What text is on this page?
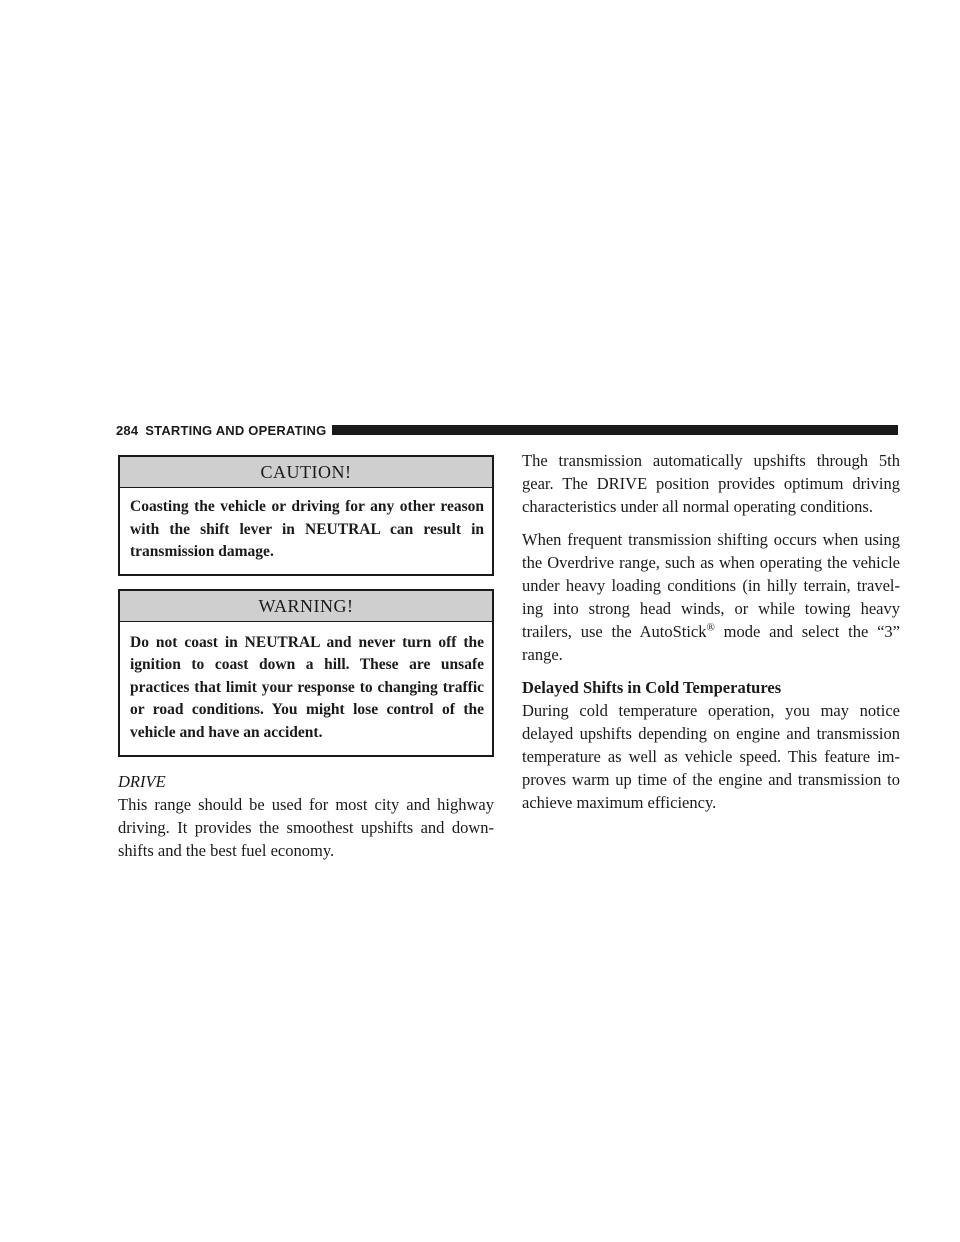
284 STARTING AND OPERATING
CAUTION!
Coasting the vehicle or driving for any other reason with the shift lever in NEUTRAL can result in transmission damage.
WARNING!
Do not coast in NEUTRAL and never turn off the ignition to coast down a hill. These are unsafe practices that limit your response to changing traffic or road conditions. You might lose control of the vehicle and have an accident.
DRIVE

This range should be used for most city and highway driving. It provides the smoothest upshifts and down-shifts and the best fuel economy.

The transmission automatically upshifts through 5th gear. The DRIVE position provides optimum driving characteristics under all normal operating conditions.

When frequent transmission shifting occurs when using the Overdrive range, such as when operating the vehicle under heavy loading conditions (in hilly terrain, travel-ing into strong head winds, or while towing heavy trailers, use the AutoStick® mode and select the “3” range.

Delayed Shifts in Cold Temperatures

During cold temperature operation, you may notice delayed upshifts depending on engine and transmission temperature as well as vehicle speed. This feature im-proves warm up time of the engine and transmission to achieve maximum efficiency.
